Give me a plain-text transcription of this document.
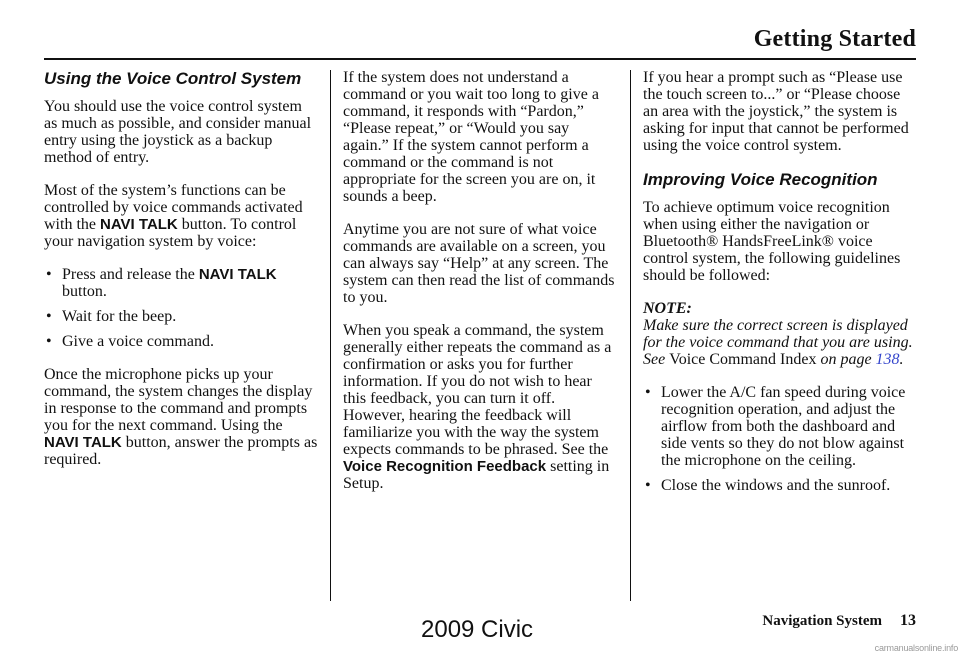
Getting Started
Using the Voice Control System

You should use the voice control system as much as possible, and consider manual entry using the joystick as a backup method of entry.

Most of the system’s functions can be controlled by voice commands activated with the NAVI TALK button. To control your navigation system by voice:

• Press and release the NAVI TALK button.
• Wait for the beep.
• Give a voice command.

Once the microphone picks up your command, the system changes the display in response to the command and prompts you for the next command. Using the NAVI TALK button, answer the prompts as required.

If the system does not understand a command or you wait too long to give a command, it responds with “Pardon,” “Please repeat,” or “Would you say again.” If the system cannot perform a command or the command is not appropriate for the screen you are on, it sounds a beep.

Anytime you are not sure of what voice commands are available on a screen, you can always say “Help” at any screen. The system can then read the list of commands to you.

When you speak a command, the system generally either repeats the command as a confirmation or asks you for further information. If you do not wish to hear this feedback, you can turn it off. However, hearing the feedback will familiarize you with the way the system expects commands to be phrased. See the Voice Recognition Feedback setting in Setup.

If you hear a prompt such as “Please use the touch screen to...” or “Please choose an area with the joystick,” the system is asking for input that cannot be performed using the voice control system.

Improving Voice Recognition

To achieve optimum voice recognition when using either the navigation or Bluetooth® HandsFreeLink® voice control system, the following guidelines should be followed:

NOTE:

Make sure the correct screen is displayed for the voice command that you are using. See Voice Command Index on page 138.

• Lower the A/C fan speed during voice recognition operation, and adjust the airflow from both the dashboard and side vents so they do not blow against the microphone on the ceiling.
• Close the windows and the sunroof.
Navigation System 13
2009 Civic
carmanualsonline.info
